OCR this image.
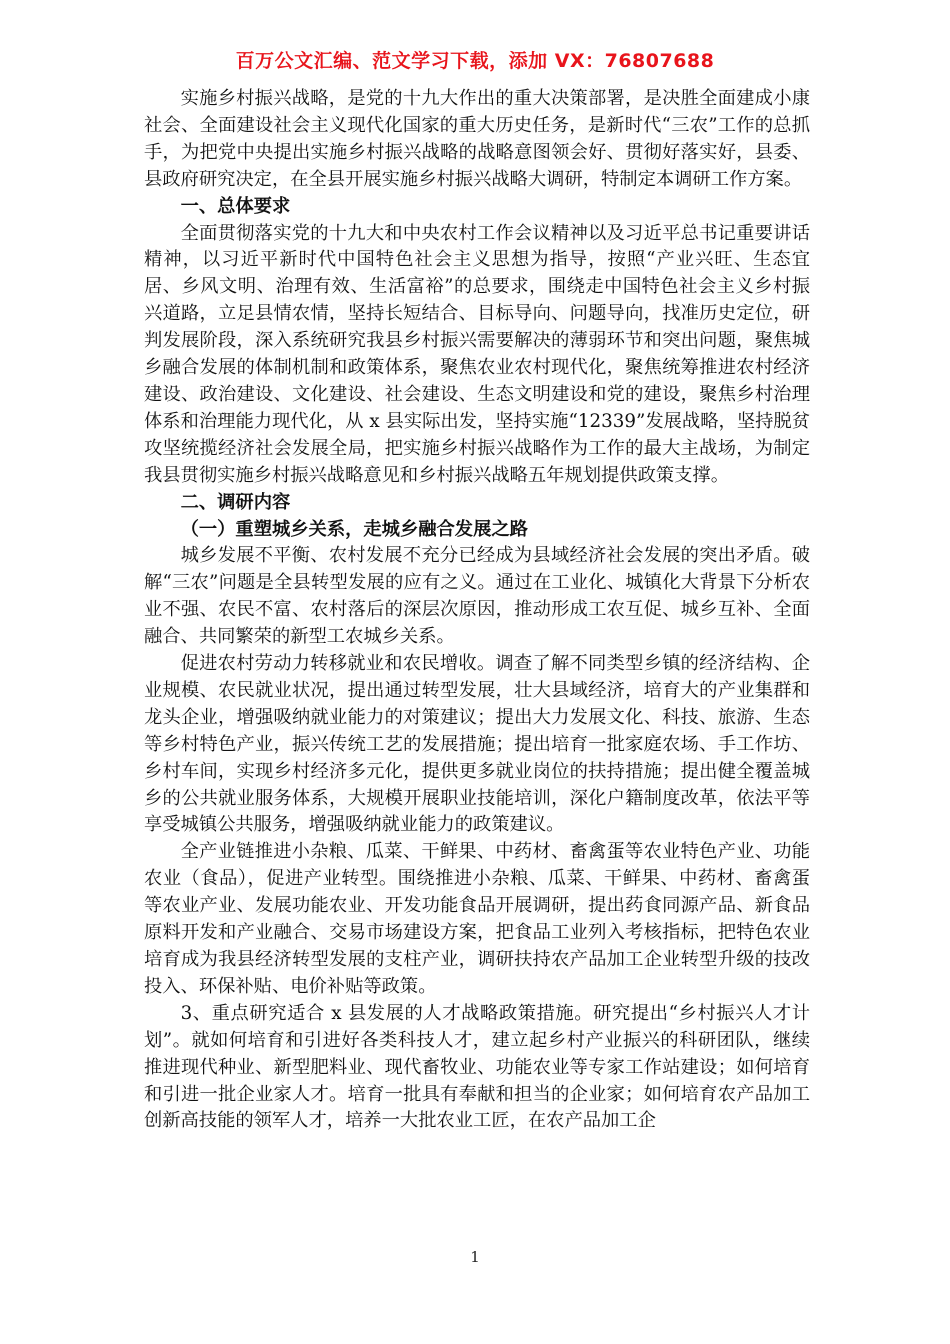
百万公文汇编、范文学习下载，添加 VX：76807688

实施乡村振兴战略，是党的十九大作出的重大决策部署，是决胜全面建成小康社会、全面建设社会主义现代化国家的重大历史任务，是新时代“三农”工作的总抓手，为把党中央提出实施乡村振兴战略的战略意图领会好、贯彻好落实好，县委、县政府研究决定，在全县开展实施乡村振兴战略大调研，特制定本调研工作方案。

一、总体要求

全面贯彻落实党的十九大和中央农村工作会议精神以及习近平总书记重要讲话精神，以习近平新时代中国特色社会主义思想为指导，按照“产业兴旺、生态宜居、乡风文明、治理有效、生活富裕”的总要求，围绕走中国特色社会主义乡村振兴道路，立足县情农情，坚持长短结合、目标导向、问题导向，找准历史定位，研判发展阶段，深入系统研究我县乡村振兴需要解决的薄弱环节和突出问题，聚焦城乡融合发展的体制机制和政策体系，聚焦农业农村现代化，聚焦统筹推进农村经济建设、政治建设、文化建设、社会建设、生态文明建设和党的建设，聚焦乡村治理体系和治理能力现代化，从 x 县实际出发，坚持实施“12339”发展战略，坚持脱贫攻坚统揽经济社会发展全局，把实施乡村振兴战略作为工作的最大主战场，为制定我县贯彻实施乡村振兴战略意见和乡村振兴战略五年规划提供政策支撑。

二、调研内容

（一）重塑城乡关系，走城乡融合发展之路

城乡发展不平衡、农村发展不充分已经成为县域经济社会发展的突出矛盾。破解“三农”问题是全县转型发展的应有之义。通过在工业化、城镇化大背景下分析农业不强、农民不富、农村落后的深层次原因，推动形成工农互促、城乡互补、全面融合、共同繁荣的新型工农城乡关系。

促进农村劳动力转移就业和农民增收。调查了解不同类型乡镇的经济结构、企业规模、农民就业状况，提出通过转型发展，壮大县域经济，培育大的产业集群和龙头企业，增强吸纳就业能力的对策建议；提出大力发展文化、科技、旅游、生态等乡村特色产业，振兴传统工艺的发展措施；提出培育一批家庭农场、手工作坊、乡村车间，实现乡村经济多元化，提供更多就业岗位的扶持措施；提出健全覆盖城乡的公共就业服务体系，大规模开展职业技能培训，深化户籍制度改革，依法平等享受城镇公共服务，增强吸纳就业能力的政策建议。

全产业链推进小杂粮、瓜菜、干鲜果、中药材、畜禽蛋等农业特色产业、功能农业（食品），促进产业转型。围绕推进小杂粮、瓜菜、干鲜果、中药材、畜禽蛋等农业产业、发展功能农业、开发功能食品开展调研，提出药食同源产品、新食品原料开发和产业融合、交易市场建设方案，把食品工业列入考核指标，把特色农业培育成为我县经济转型发展的支柱产业，调研扶持农产品加工企业转型升级的技改投入、环保补贴、电价补贴等政策。

3、重点研究适合 x 县发展的人才战略政策措施。研究提出“乡村振兴人才计划”。就如何培育和引进好各类科技人才，建立起乡村产业振兴的科研团队，继续推进现代种业、新型肥料业、现代畜牧业、功能农业等专家工作站建设；如何培育和引进一批企业家人才。培育一批具有奉献和担当的企业家；如何培育农产品加工创新高技能的领军人才，培养一大批农业工匠，在农产品加工企

1
